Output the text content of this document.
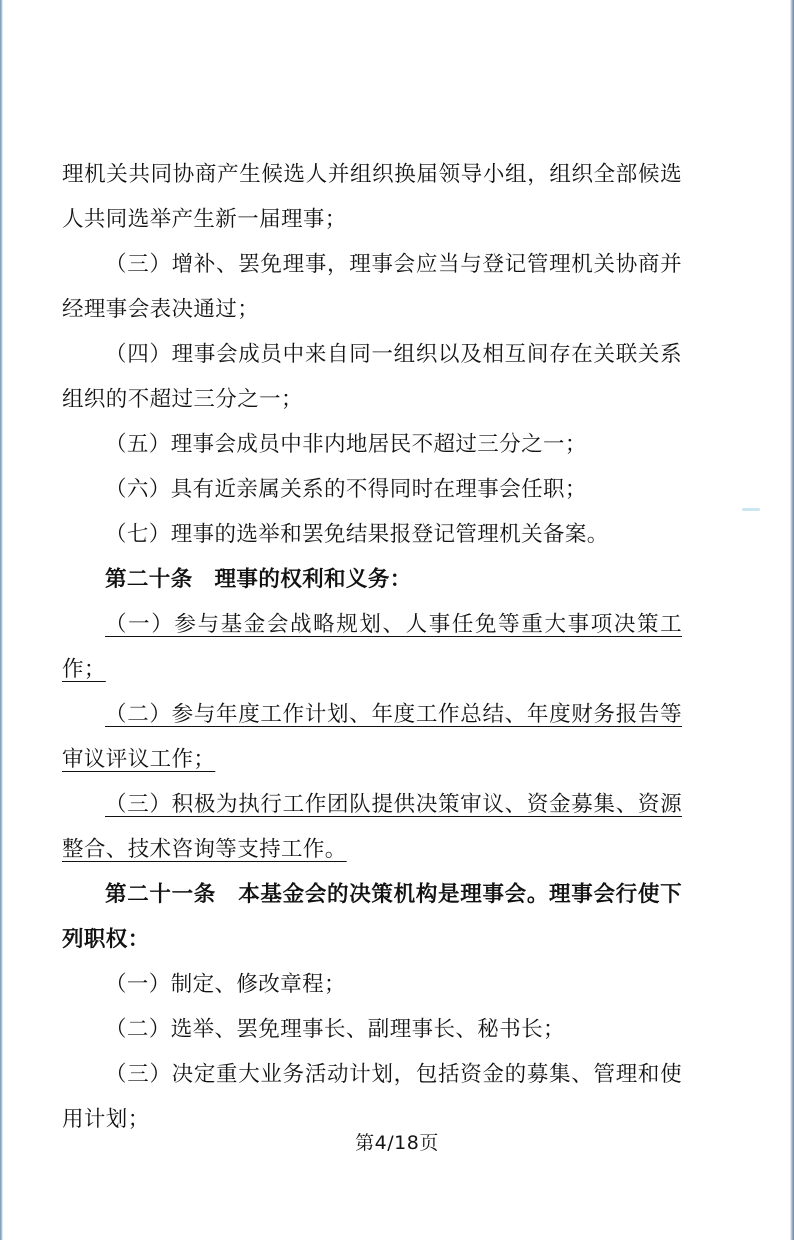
理机关共同协商产生候选人并组织换届领导小组，组织全部候选人共同选举产生新一届理事；

（三）增补、罢免理事，理事会应当与登记管理机关协商并经理事会表决通过；

（四）理事会成员中来自同一组织以及相互间存在关联关系组织的不超过三分之一；

（五）理事会成员中非内地居民不超过三分之一；

（六）具有近亲属关系的不得同时在理事会任职；

（七）理事的选举和罢免结果报登记管理机关备案。

第二十条　 理事的权利和义务：

（一）参与基金会战略规划、人事任免等重大事项决策工作；

（二）参与年度工作计划、年度工作总结、年度财务报告等审议评议工作；

（三）积极为执行工作团队提供决策审议、资金募集、资源整合、技术咨询等支持工作。

第二十一条　 本基金会的决策机构是理事会。理事会行使下列职权：

（一）制定、修改章程；

（二）选举、罢免理事长、副理事长、秘书长；

（三）决定重大业务活动计划，包括资金的募集、管理和使用计划；

第4/18页
